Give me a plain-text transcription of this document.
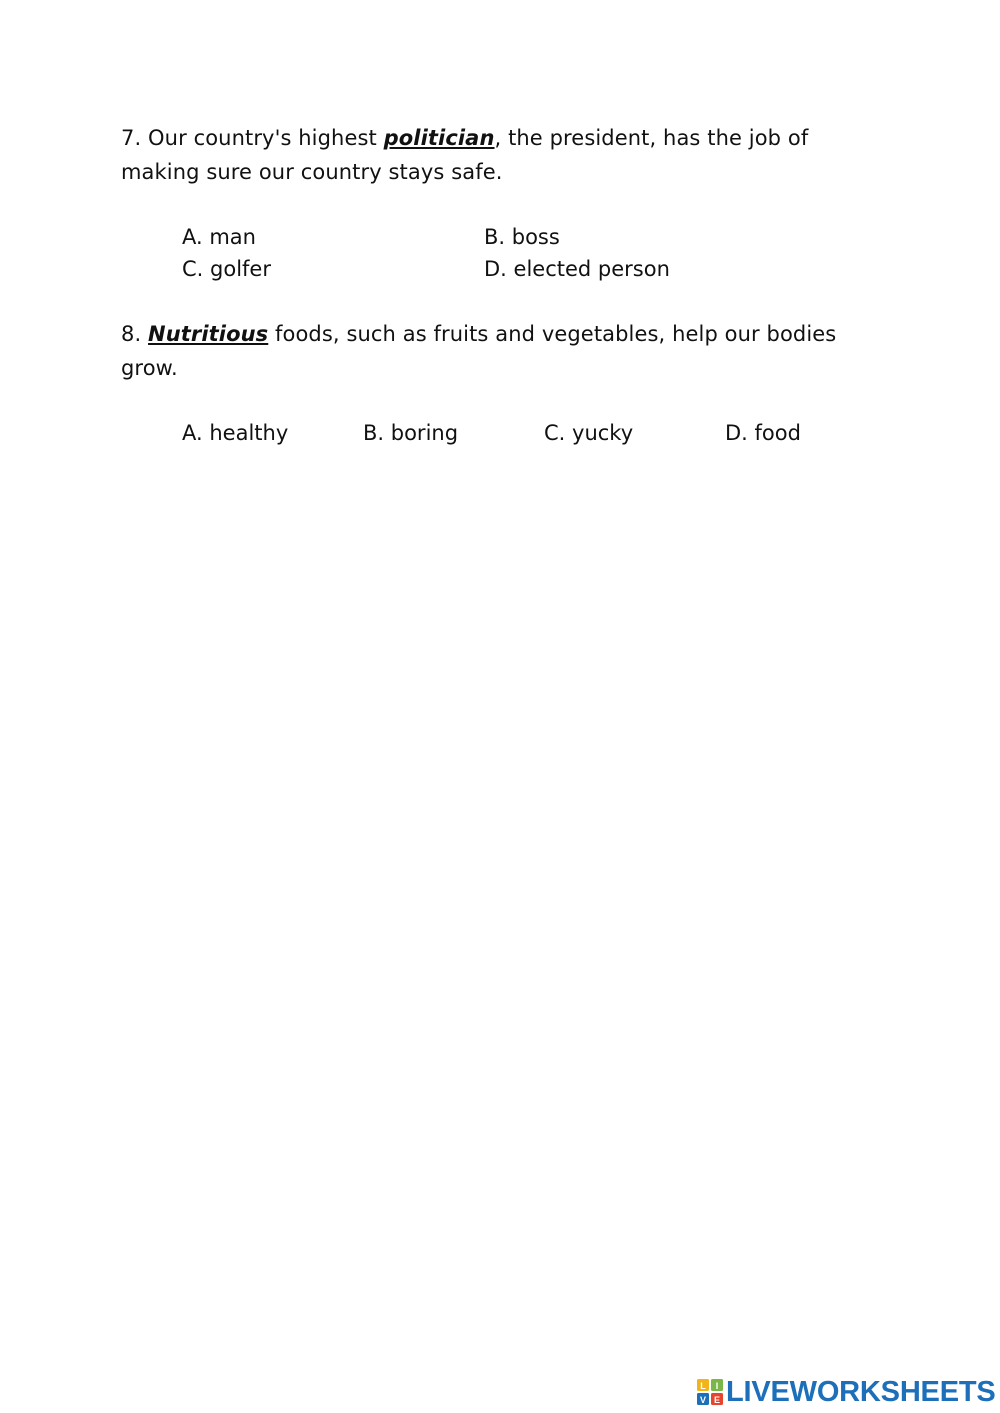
7. Our country's highest politician, the president, has the job of making sure our country stays safe.
A. man	B. boss
C. golfer	D. elected person
8. Nutritious foods, such as fruits and vegetables, help our bodies grow.
A. healthy	B. boring	C. yucky	D. food
L I
V E LIVEWORKSHEETS
